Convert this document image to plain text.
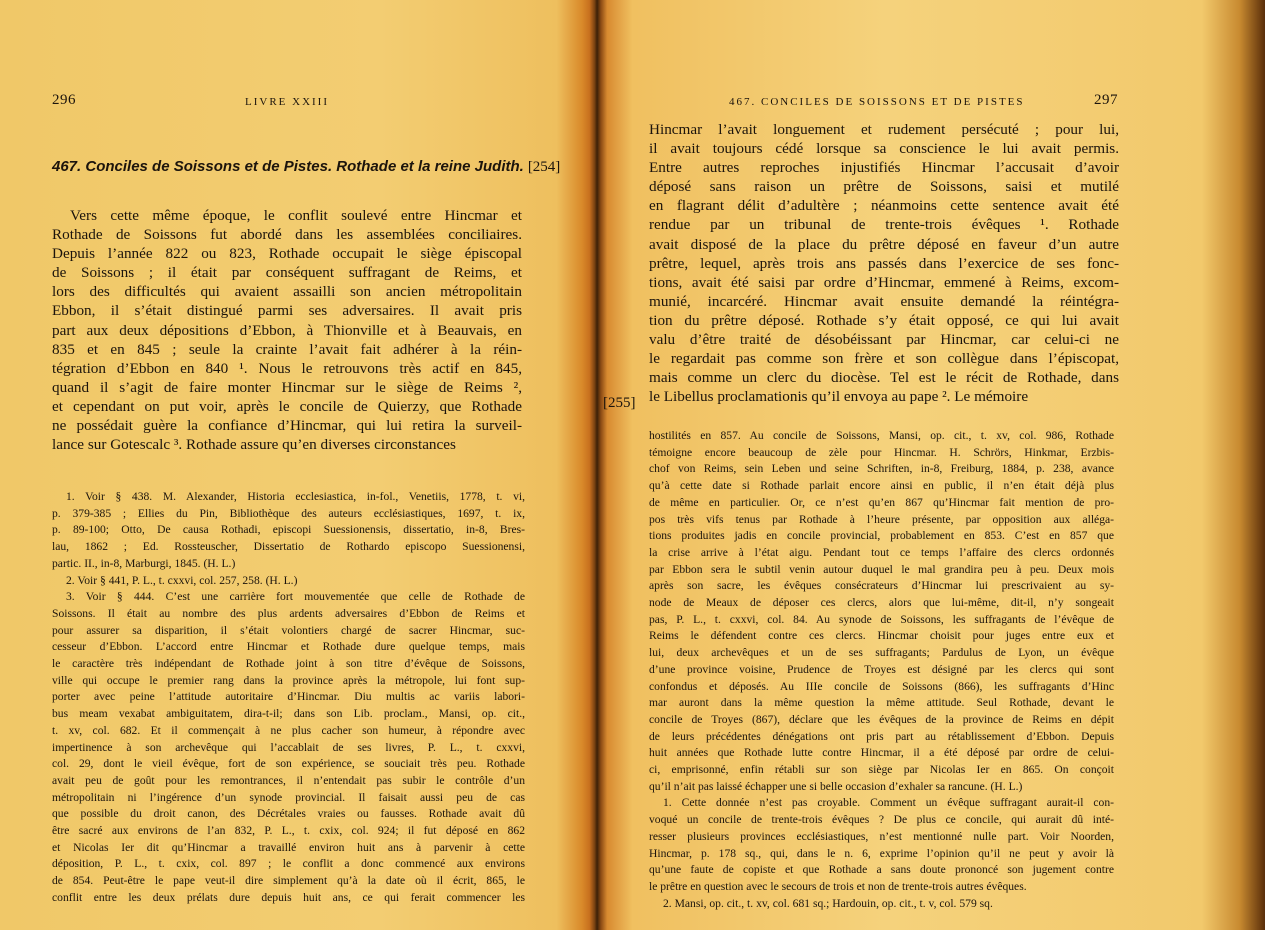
296	LIVRE XXIII
467. Conciles de Soissons et de Pistes. Rothade et la reine Judith. [254]
Vers cette même époque, le conflit soulevé entre Hincmar et
Rothade de Soissons fut abordé dans les assemblées conciliaires.
Depuis l’année 822 ou 823, Rothade occupait le siège épiscopal
de Soissons ; il était par conséquent suffragant de Reims, et
lors des difficultés qui avaient assailli son ancien métropolitain
Ebbon, il s’était distingué parmi ses adversaires. Il avait pris
part aux deux dépositions d’Ebbon, à Thionville et à Beauvais, en
835 et en 845 ; seule la crainte l’avait fait adhérer à la réin-
tégration d’Ebbon en 840 ¹. Nous le retrouvons très actif en 845,
quand il s’agit de faire monter Hincmar sur le siège de Reims ²,
et cependant on put voir, après le concile de Quierzy, que Rothade
ne possédait guère la confiance d’Hincmar, qui lui retira la surveil-
lance sur Gotescalc ³. Rothade assure qu’en diverses circonstances
1. Voir § 438. M. Alexander, Historia ecclesiastica, in-fol., Venetiis, 1778, t. vi,
p. 379-385 ; Ellies du Pin, Bibliothèque des auteurs ecclésiastiques, 1697, t. ix,
p. 89-100; Otto, De causa Rothadi, episcopi Suessionensis, dissertatio, in-8, Bres-
lau, 1862 ; Ed. Rossteuscher, Dissertatio de Rothardo episcopo Suessionensi,
partic. II., in-8, Marburgi, 1845. (H. L.)
2. Voir § 441, P. L., t. cxxvi, col. 257, 258. (H. L.)
3. Voir § 444. C’est une carrière fort mouvementée que celle de Rothade de
Soissons. Il était au nombre des plus ardents adversaires d’Ebbon de Reims et
pour assurer sa disparition, il s’était volontiers chargé de sacrer Hincmar, suc-
cesseur d’Ebbon. L’accord entre Hincmar et Rothade dure quelque temps, mais
le caractère très indépendant de Rothade joint à son titre d’évêque de Soissons,
ville qui occupe le premier rang dans la province après la métropole, lui font sup-
porter avec peine l’attitude autoritaire d’Hincmar. Diu multis ac variis labori-
bus meam vexabat ambiguitatem, dira-t-il; dans son Lib. proclam., Mansi, op. cit.,
t. xv, col. 682. Et il commençait à ne plus cacher son humeur, à répondre avec
impertinence à son archevêque qui l’accablait de ses livres, P. L., t. cxxvi,
col. 29, dont le vieil évêque, fort de son expérience, se souciait très peu. Rothade
avait peu de goût pour les remontrances, il n’entendait pas subir le contrôle d’un
métropolitain ni l’ingérence d’un synode provincial. Il faisait aussi peu de cas
que possible du droit canon, des Décrétales vraies ou fausses. Rothade avait dû
être sacré aux environs de l’an 832, P. L., t. cxix, col. 924; il fut déposé en 862
et Nicolas Ier dit qu’Hincmar a travaillé environ huit ans à parvenir à cette
déposition, P. L., t. cxix, col. 897 ; le conflit a donc commencé aux environs
de 854. Peut-être le pape veut-il dire simplement qu’à la date où il écrit, 865, le
conflit entre les deux prélats dure depuis huit ans, ce qui ferait commencer les
467. CONCILES DE SOISSONS ET DE PISTES	297
[255]
Hincmar l’avait longuement et rudement persécuté ; pour lui,
il avait toujours cédé lorsque sa conscience le lui avait permis.
Entre autres reproches injustifiés Hincmar l’accusait d’avoir
déposé sans raison un prêtre de Soissons, saisi et mutilé
en flagrant délit d’adultère ; néanmoins cette sentence avait été
rendue par un tribunal de trente-trois évêques ¹. Rothade
avait disposé de la place du prêtre déposé en faveur d’un autre
prêtre, lequel, après trois ans passés dans l’exercice de ses fonc-
tions, avait été saisi par ordre d’Hincmar, emmené à Reims, excom-
munié, incarcéré. Hincmar avait ensuite demandé la réintégra-
tion du prêtre déposé. Rothade s’y était opposé, ce qui lui avait
valu d’être traité de désobéissant par Hincmar, car celui-ci ne
le regardait pas comme son frère et son collègue dans l’épiscopat,
mais comme un clerc du diocèse. Tel est le récit de Rothade, dans
le Libellus proclamationis qu’il envoya au pape ². Le mémoire
hostilités en 857. Au concile de Soissons, Mansi, op. cit., t. xv, col. 986, Rothade
témoigne encore beaucoup de zèle pour Hincmar. H. Schrörs, Hinkmar, Erzbis-
chof von Reims, sein Leben und seine Schriften, in-8, Freiburg, 1884, p. 238, avance
qu’à cette date si Rothade parlait encore ainsi en public, il n’en était déjà plus
de même en particulier. Or, ce n’est qu’en 867 qu’Hincmar fait mention de pro-
pos très vifs tenus par Rothade à l’heure présente, par opposition aux alléga-
tions produites jadis en concile provincial, probablement en 853. C’est en 857 que
la crise arrive à l’état aigu. Pendant tout ce temps l’affaire des clercs ordonnés
par Ebbon sera le subtil venin autour duquel le mal grandira peu à peu. Deux mois
après son sacre, les évêques consécrateurs d’Hincmar lui prescrivaient au sy-
node de Meaux de déposer ces clercs, alors que lui-même, dit-il, n’y songeait
pas, P. L., t. cxxvi, col. 84. Au synode de Soissons, les suffragants de l’évêque de
Reims le défendent contre ces clercs. Hincmar choisit pour juges entre eux et
lui, deux archevêques et un de ses suffragants; Pardulus de Lyon, un évêque
d’une province voisine, Prudence de Troyes est désigné par les clercs qui sont
confondus et déposés. Au IIIe concile de Soissons (866), les suffragants d’Hinc
mar auront dans la même question la même attitude. Seul Rothade, devant le
concile de Troyes (867), déclare que les évêques de la province de Reims en dépit
de leurs précédentes dénégations ont pris part au rétablissement d’Ebbon. Depuis
huit années que Rothade lutte contre Hincmar, il a été déposé par ordre de celui-
ci, emprisonné, enfin rétabli sur son siège par Nicolas Ier en 865. On conçoit
qu’il n’ait pas laissé échapper une si belle occasion d’exhaler sa rancune. (H. L.)
1. Cette donnée n’est pas croyable. Comment un évêque suffragant aurait-il con-
voqué un concile de trente-trois évêques ? De plus ce concile, qui aurait dû inté-
resser plusieurs provinces ecclésiastiques, n’est mentionné nulle part. Voir Noorden,
Hincmar, p. 178 sq., qui, dans le n. 6, exprime l’opinion qu’il ne peut y avoir là
qu’une faute de copiste et que Rothade a sans doute prononcé son jugement contre
le prêtre en question avec le secours de trois et non de trente-trois autres évêques.
2. Mansi, op. cit., t. xv, col. 681 sq.; Hardouin, op. cit., t. v, col. 579 sq.
